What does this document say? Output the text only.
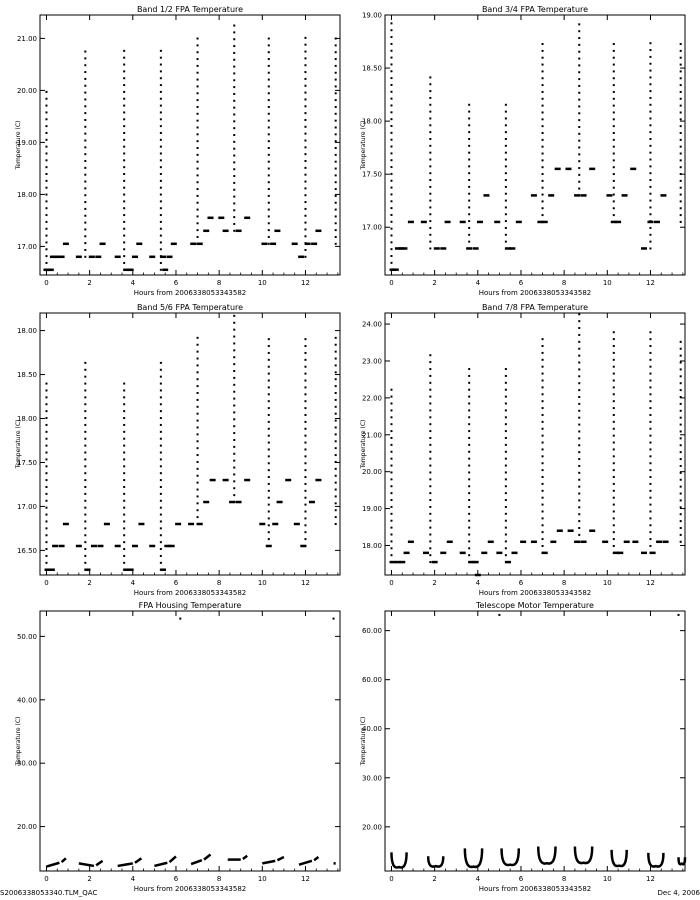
Band 1/2 FPA Temperature
Hours from 2006338053343582
Temperature (C)
0	2	4	6	8	10	12
17.00
18.00
19.00
20.00
21.00
Band 3/4 FPA Temperature
Hours from 2006338053343582
Temperature (C)
0	2	4	6	8	10	12
17.00
17.50
18.00
18.50
19.00
Band 5/6 FPA Temperature
Hours from 2006338053343582
Temperature (C)
0	2	4	6	8	10	12
16.50
17.00
17.50
18.00
18.50
18.00
Band 7/8 FPA Temperature
Hours from 2006338053343582
Temperature (C)
0	2	4	6	8	10	12
18.00
19.00
20.00
21.00
22.00
23.00
24.00
FPA Housing Temperature
Hours from 2006338053343582
Temperature (C)
0	2	4	6	8	10	12
20.00
30.00
40.00
50.00
Telescope Motor Temperature
Hours from 2006338053343582
Temperature (C)
0	2	4	6	8	10	12
20.00
30.00
40.00
60.00
60.00
S2006338053340.TLM_QAC	Dec 4, 2006
